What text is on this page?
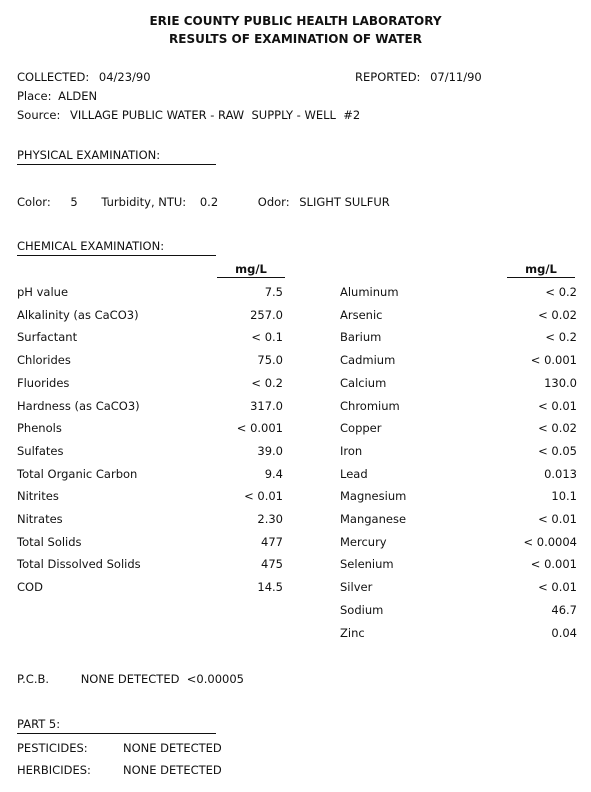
ERIE COUNTY PUBLIC HEALTH LABORATORY
RESULTS OF EXAMINATION OF WATER
COLLECTED: 04/23/90	REPORTED: 07/11/90
Place: ALDEN
Source: VILLAGE PUBLIC WATER - RAW  SUPPLY - WELL  #2
PHYSICAL EXAMINATION:
Color: 5 Turbidity, NTU: 0.2	Odor: SLIGHT SULFUR
CHEMICAL EXAMINATION:
mg/L	mg/L
pH value	7.5
Alkalinity (as CaCO3)	257.0
Surfactant	< 0.1
Chlorides	75.0
Fluorides	< 0.2
Hardness (as CaCO3)	317.0
Phenols	< 0.001
Sulfates	39.0
Total Organic Carbon	9.4
Nitrites	< 0.01
Nitrates	2.30
Total Solids	477
Total Dissolved Solids	475
COD	14.5
Aluminum	< 0.2
Arsenic	< 0.02
Barium	< 0.2
Cadmium	< 0.001
Calcium	130.0
Chromium	< 0.01
Copper	< 0.02
Iron	< 0.05
Lead	0.013
Magnesium	10.1
Manganese	< 0.01
Mercury	< 0.0004
Selenium	< 0.001
Silver	< 0.01
Sodium	46.7
Zinc	0.04
P.C.B.	NONE DETECTED  <0.00005
PART 5:
PESTICIDES:	NONE DETECTED
HERBICIDES:	NONE DETECTED
